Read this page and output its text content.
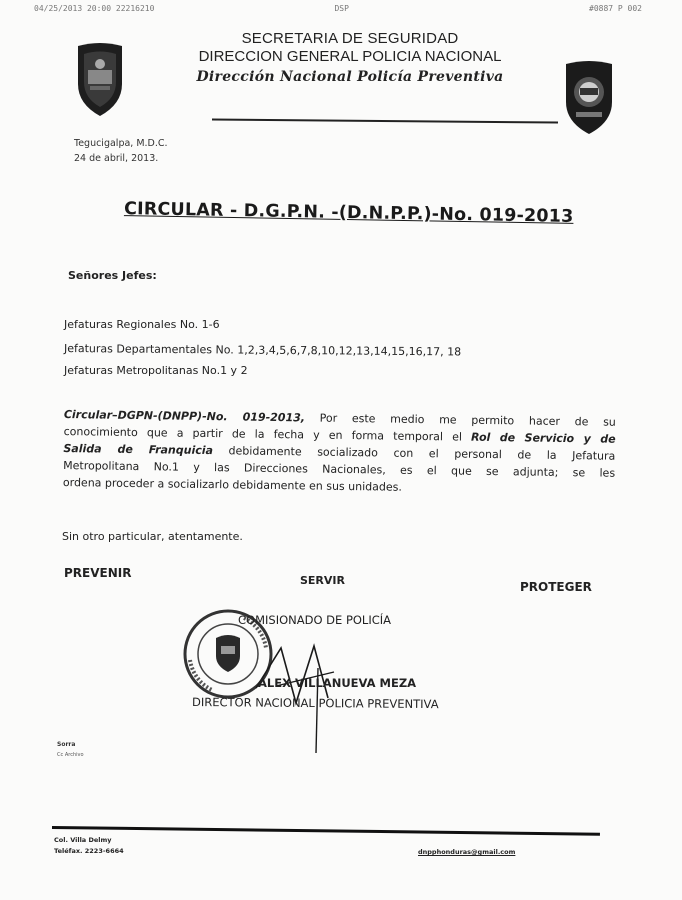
04/25/2013 20:00 22216210	DSP	#0887 P 002
SECRETARIA DE SEGURIDAD
DIRECCION GENERAL POLICIA NACIONAL
Dirección Nacional Policía Preventiva
Tegucigalpa, M.D.C.
24 de abril, 2013.
CIRCULAR - D.G.P.N. -(D.N.P.P.)-No. 019-2013
Señores Jefes:
Jefaturas Regionales No. 1-6
Jefaturas Departamentales No. 1,2,3,4,5,6,7,8,10,12,13,14,15,16,17, 18
Jefaturas Metropolitanas No.1 y 2
Circular–DGPN-(DNPP)-No. 019-2013, Por este medio me permito hacer de su
conocimiento que a partir de la fecha y en forma temporal el Rol de Servicio y de
Salida de Franquicia debidamente socializado con el personal de la Jefatura
Metropolitana No.1 y las Direcciones Nacionales, es el que se adjunta; se les
ordena proceder a socializarlo debidamente en sus unidades.
Sin otro particular, atentamente.
PREVENIR
SERVIR	PROTEGER
COMISIONADO DE POLICÍA
ALEX VILLANUEVA MEZA
DIRECTOR NACIONAL POLICIA PREVENTIVA
Sorra
Cc Archivo
Col. Villa Delmy
Teléfax. 2223-6664	dnpphonduras@gmail.com
